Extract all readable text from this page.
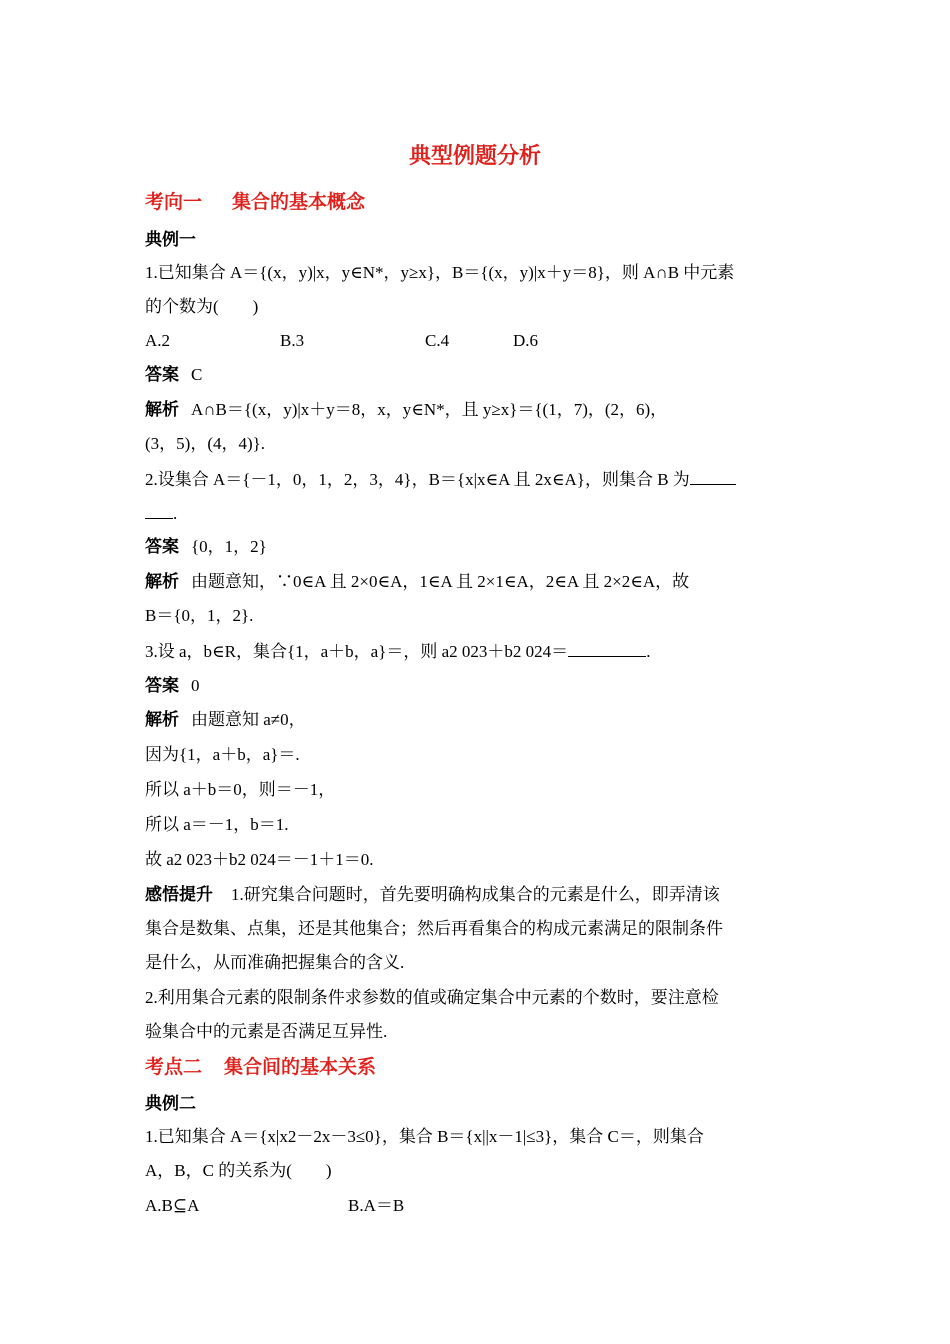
典型例题分析
考向一 集合的基本概念
典例一
1.已知集合 A＝{(x，y)|x，y∈N*，y≥x}，B＝{(x，y)|x＋y＝8}，则 A∩B 中元素
的个数为(　　)
A.2	B.3	C.4	D.6
答案 C
解析 A∩B＝{(x，y)|x＋y＝8，x，y∈N*，且 y≥x}＝{(1，7)，(2，6)，
(3，5)，(4，4)}.
2.设集合 A＝{－1，0，1，2，3，4}，B＝{x|x∈A 且 2x∈A}，则集合 B 为
.
答案 {0，1，2}
解析 由题意知，∵0∈A 且 2×0∈A，1∈A 且 2×1∈A，2∈A 且 2×2∈A，故
B＝{0，1，2}.
3.设 a，b∈R，集合{1，a＋b，a}＝，则 a2 023＋b2 024＝	.
答案 0
解析 由题意知 a≠0，
因为{1，a＋b，a}＝.
所以 a＋b＝0，则＝－1，
所以 a＝－1，b＝1.
故 a2 023＋b2 024＝－1＋1＝0.
感悟提升 1.研究集合问题时，首先要明确构成集合的元素是什么，即弄清该
集合是数集、点集，还是其他集合；然后再看集合的构成元素满足的限制条件
是什么，从而准确把握集合的含义.
2.利用集合元素的限制条件求参数的值或确定集合中元素的个数时，要注意检
验集合中的元素是否满足互异性.
考点二 集合间的基本关系
典例二
1.已知集合 A＝{x|x2－2x－3≤0}，集合 B＝{x||x－1|≤3}，集合 C＝，则集合
A，B，C 的关系为(　　)
A.B⊆A	B.A＝B
